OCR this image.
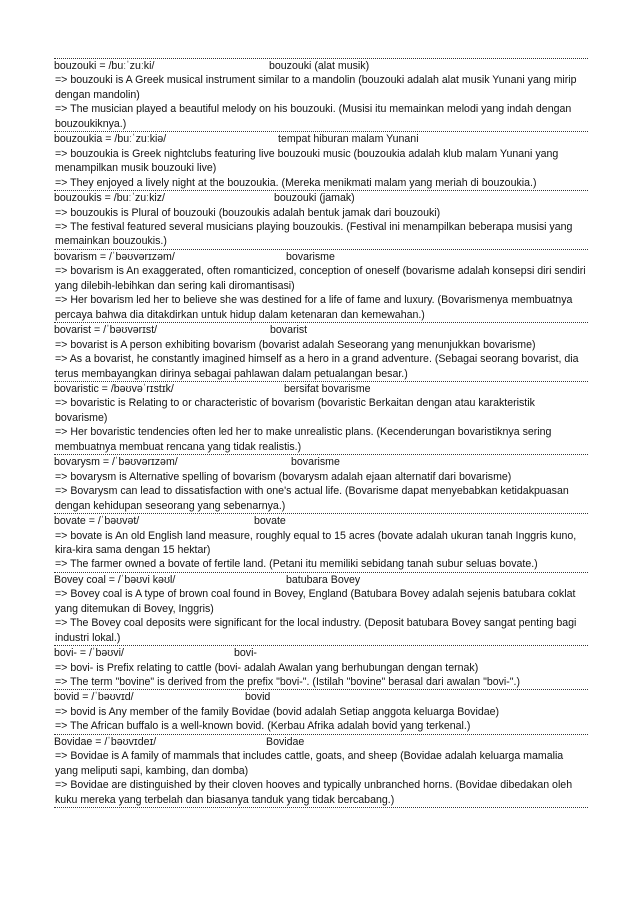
bouzouki = /buːˈzuːki/	bouzouki (alat musik)

=> bouzouki is A Greek musical instrument similar to a mandolin (bouzouki adalah alat musik Yunani yang mirip dengan mandolin)

=> The musician played a beautiful melody on his bouzouki. (Musisi itu memainkan melodi yang indah dengan bouzoukiknya.)

bouzoukia = /buːˈzuːkiə/	tempat hiburan malam Yunani

=> bouzoukia is Greek nightclubs featuring live bouzouki music (bouzoukia adalah klub malam Yunani yang menampilkan musik bouzouki live)

=> They enjoyed a lively night at the bouzoukia. (Mereka menikmati malam yang meriah di bouzoukia.)

bouzoukis = /buːˈzuːkiz/	bouzouki (jamak)

=> bouzoukis is Plural of bouzouki (bouzoukis adalah bentuk jamak dari bouzouki)

=> The festival featured several musicians playing bouzoukis. (Festival ini menampilkan beberapa musisi yang memainkan bouzoukis.)

bovarism = /ˈbəʊvərɪzəm/	bovarisme

=> bovarism is An exaggerated, often romanticized, conception of oneself (bovarisme adalah konsepsi diri sendiri yang dilebih-lebihkan dan sering kali diromantisasi)

=> Her bovarism led her to believe she was destined for a life of fame and luxury. (Bovarismenya membuatnya percaya bahwa dia ditakdirkan untuk hidup dalam ketenaran dan kemewahan.)

bovarist = /ˈbəʊvərɪst/	bovarist

=> bovarist is A person exhibiting bovarism (bovarist adalah Seseorang yang menunjukkan bovarisme)

=> As a bovarist, he constantly imagined himself as a hero in a grand adventure. (Sebagai seorang bovarist, dia terus membayangkan dirinya sebagai pahlawan dalam petualangan besar.)

bovaristic = /bəʊvəˈrɪstɪk/	bersifat bovarisme

=> bovaristic is Relating to or characteristic of bovarism (bovaristic Berkaitan dengan atau karakteristik bovarisme)

=> Her bovaristic tendencies often led her to make unrealistic plans. (Kecenderungan bovaristiknya sering membuatnya membuat rencana yang tidak realistis.)

bovarysm = /ˈbəʊvərɪzəm/	bovarisme

=> bovarysm is Alternative spelling of bovarism (bovarysm adalah ejaan alternatif dari bovarisme)

=> Bovarysm can lead to dissatisfaction with one's actual life. (Bovarisme dapat menyebabkan ketidakpuasan dengan kehidupan seseorang yang sebenarnya.)

bovate = /ˈbəʊvət/	bovate

=> bovate is An old English land measure, roughly equal to 15 acres (bovate adalah ukuran tanah Inggris kuno, kira-kira sama dengan 15 hektar)

=> The farmer owned a bovate of fertile land. (Petani itu memiliki sebidang tanah subur seluas bovate.)

Bovey coal = /ˈbəʊvi kəʊl/	batubara Bovey

=> Bovey coal is A type of brown coal found in Bovey, England (Batubara Bovey adalah sejenis batubara coklat yang ditemukan di Bovey, Inggris)

=> The Bovey coal deposits were significant for the local industry. (Deposit batubara Bovey sangat penting bagi industri lokal.)

bovi- = /ˈbəʊvi/	bovi-

=> bovi- is Prefix relating to cattle (bovi- adalah Awalan yang berhubungan dengan ternak)

=> The term "bovine" is derived from the prefix "bovi-". (Istilah "bovine" berasal dari awalan "bovi-".)

bovid = /ˈbəʊvɪd/	bovid

=> bovid is Any member of the family Bovidae (bovid adalah Setiap anggota keluarga Bovidae)

=> The African buffalo is a well-known bovid. (Kerbau Afrika adalah bovid yang terkenal.)

Bovidae = /ˈbəʊvɪdeɪ/	Bovidae

=> Bovidae is A family of mammals that includes cattle, goats, and sheep (Bovidae adalah keluarga mamalia yang meliputi sapi, kambing, dan domba)

=> Bovidae are distinguished by their cloven hooves and typically unbranched horns. (Bovidae dibedakan oleh kuku mereka yang terbelah dan biasanya tanduk yang tidak bercabang.)
